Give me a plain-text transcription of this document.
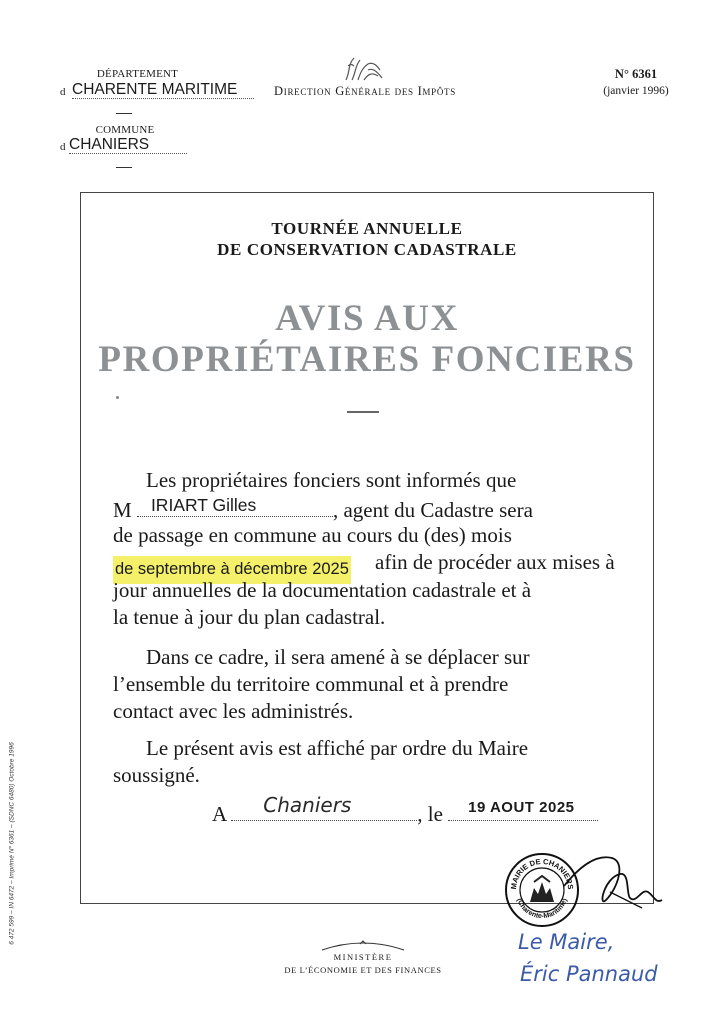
DÉPARTEMENT
d CHARENTE MARITIME
COMMUNE
d CHANIERS
Direction Générale des Impôts
N° 6361
(janvier 1996)
TOURNÉE ANNUELLE
DE CONSERVATION CADASTRALE
AVIS AUX
PROPRIÉTAIRES FONCIERS
Les propriétaires fonciers sont informés que
M IRIART Gilles	, agent du Cadastre sera
de passage en commune au cours du (des) mois
de septembre à décembre 2025 afin de procéder aux mises à
jour annuelles de la documentation cadastrale et à
la tenue à jour du plan cadastral.
Dans ce cadre, il sera amené à se déplacer sur
l’ensemble du territoire communal et à prendre
contact avec les administrés.
Le présent avis est affiché par ordre du Maire
soussigné.
A Chaniers	, le 19 AOUT 2025
MAIRIE DE CHANIERS
(Charente-Maritime)
Le Maire,
Éric Pannaud
MINISTÈRE
DE L’ÉCONOMIE ET DES FINANCES
6 472 599 – IN 6472 – Imprimé N° 6361 – (SDNC 6480) Octobre 1996
